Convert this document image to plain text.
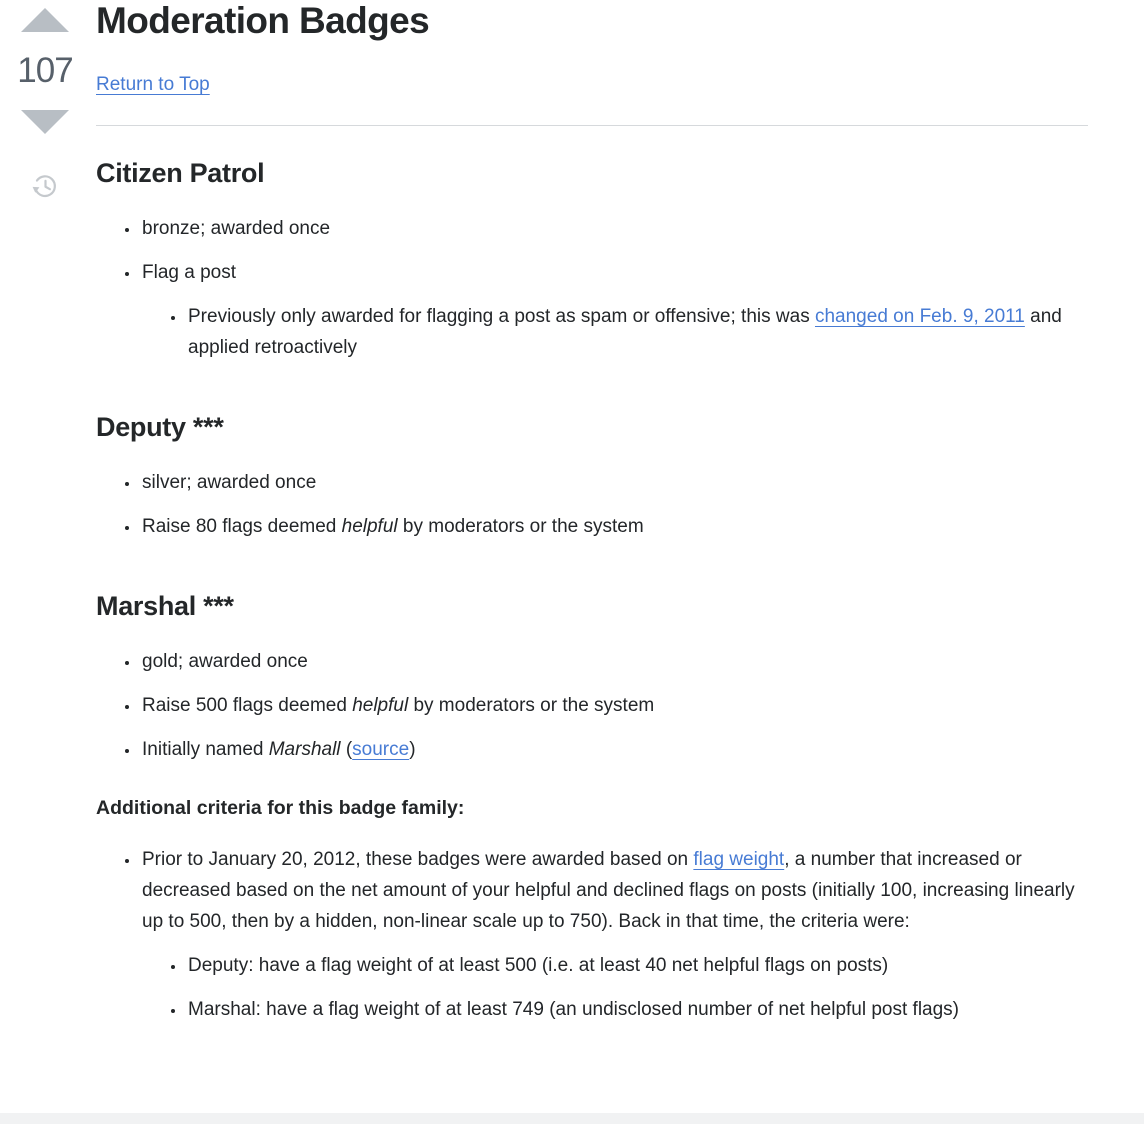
107
Moderation Badges
Return to Top
Citizen Patrol
• bronze; awarded once
• Flag a post
• Previously only awarded for flagging a post as spam or offensive; this was changed on Feb. 9, 2011 and applied retroactively
Deputy ***
• silver; awarded once
• Raise 80 flags deemed helpful by moderators or the system
Marshal ***
• gold; awarded once
• Raise 500 flags deemed helpful by moderators or the system
• Initially named Marshall (source)

Additional criteria for this badge family:

• Prior to January 20, 2012, these badges were awarded based on flag weight, a number that increased or decreased based on the net amount of your helpful and declined flags on posts (initially 100, increasing linearly up to 500, then by a hidden, non-linear scale up to 750). Back in that time, the criteria were:
• Deputy: have a flag weight of at least 500 (i.e. at least 40 net helpful flags on posts)
• Marshal: have a flag weight of at least 749 (an undisclosed number of net helpful post flags)
